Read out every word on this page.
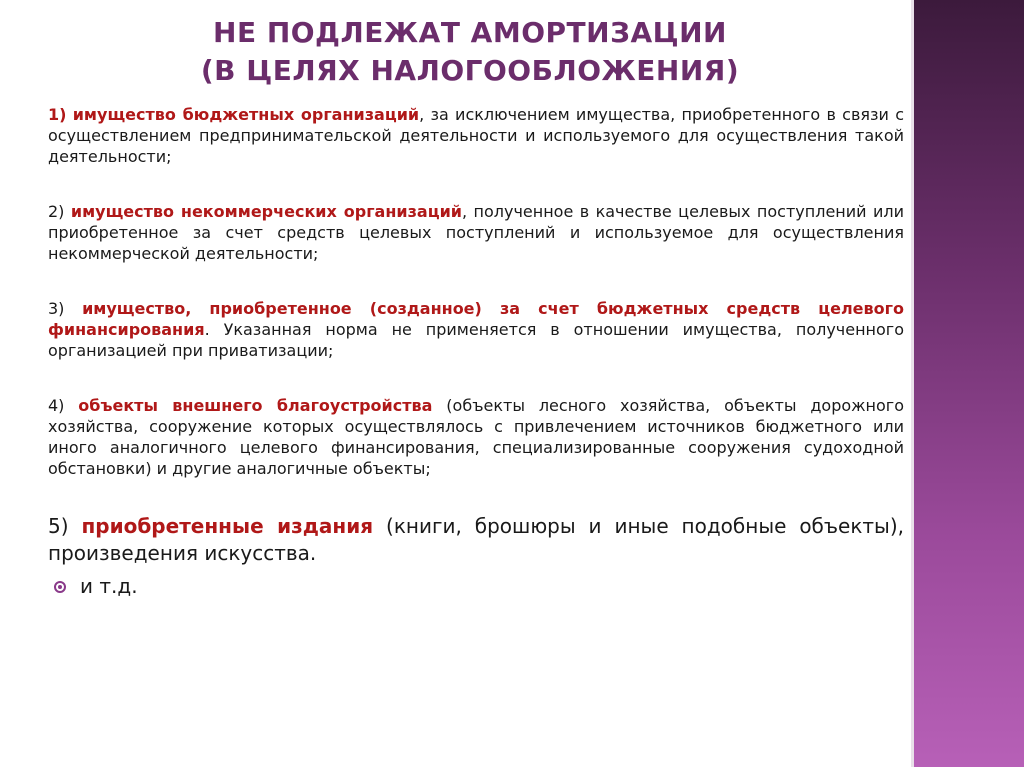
НЕ ПОДЛЕЖАТ АМОРТИЗАЦИИ
(В ЦЕЛЯХ НАЛОГООБЛОЖЕНИЯ)

1) имущество бюджетных организаций, за исключением имущества, приобретенного в связи с осуществлением предпринимательской деятельности и используемого для осуществления такой деятельности;

2) имущество некоммерческих организаций, полученное в качестве целевых поступлений или приобретенное за счет средств целевых поступлений и используемое для осуществления некоммерческой деятельности;

3) имущество, приобретенное (созданное) за счет бюджетных средств целевого финансирования. Указанная норма не применяется в отношении имущества, полученного организацией при приватизации;

4) объекты внешнего благоустройства (объекты лесного хозяйства, объекты дорожного хозяйства, сооружение которых осуществлялось с привлечением источников бюджетного или иного аналогичного целевого финансирования, специализированные сооружения судоходной обстановки) и другие аналогичные объекты;

5) приобретенные издания (книги, брошюры и иные подобные объекты), произведения искусства.

и т.д.
